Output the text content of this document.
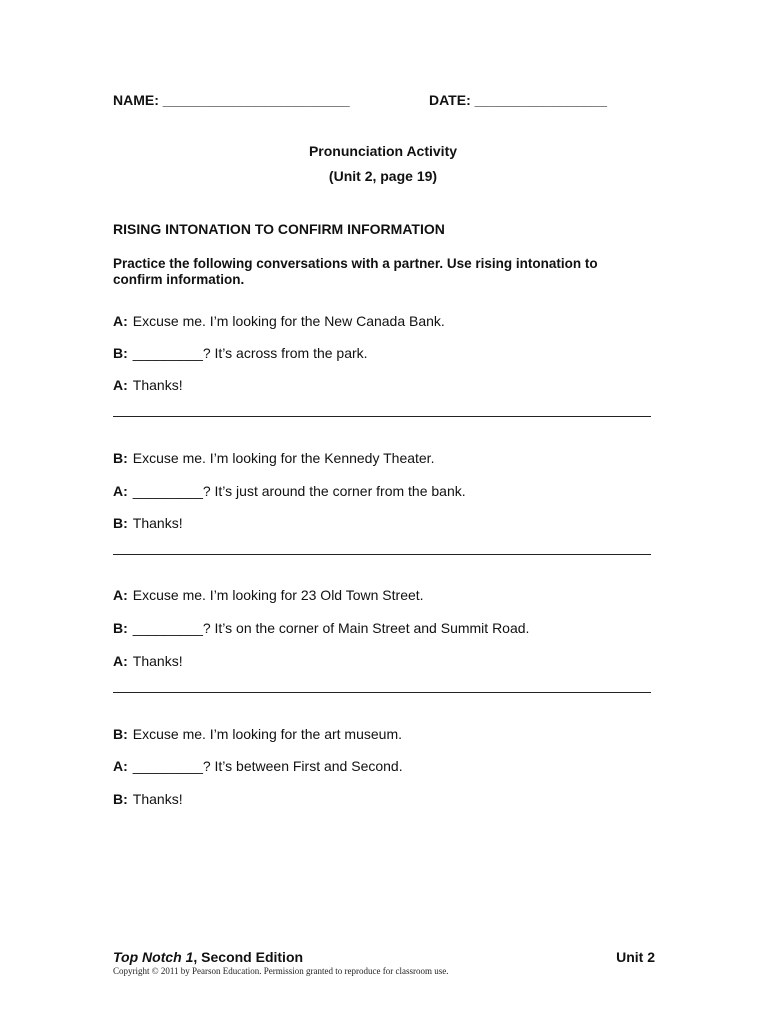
NAME: ________________________	DATE: _________________
Pronunciation Activity
(Unit 2, page 19)
RISING INTONATION TO CONFIRM INFORMATION
Practice the following conversations with a partner. Use rising intonation to
confirm information.
A: Excuse me. I’m looking for the New Canada Bank.
B: _________? It’s across from the park.
A: Thanks!
B: Excuse me. I’m looking for the Kennedy Theater.
A: _________? It’s just around the corner from the bank.
B: Thanks!
A: Excuse me. I’m looking for 23 Old Town Street.
B: _________? It’s on the corner of Main Street and Summit Road.
A: Thanks!
B: Excuse me. I’m looking for the art museum.
A: _________? It’s between First and Second.
B: Thanks!
Top Notch 1, Second Edition	Unit 2
Copyright © 2011 by Pearson Education. Permission granted to reproduce for classroom use.
